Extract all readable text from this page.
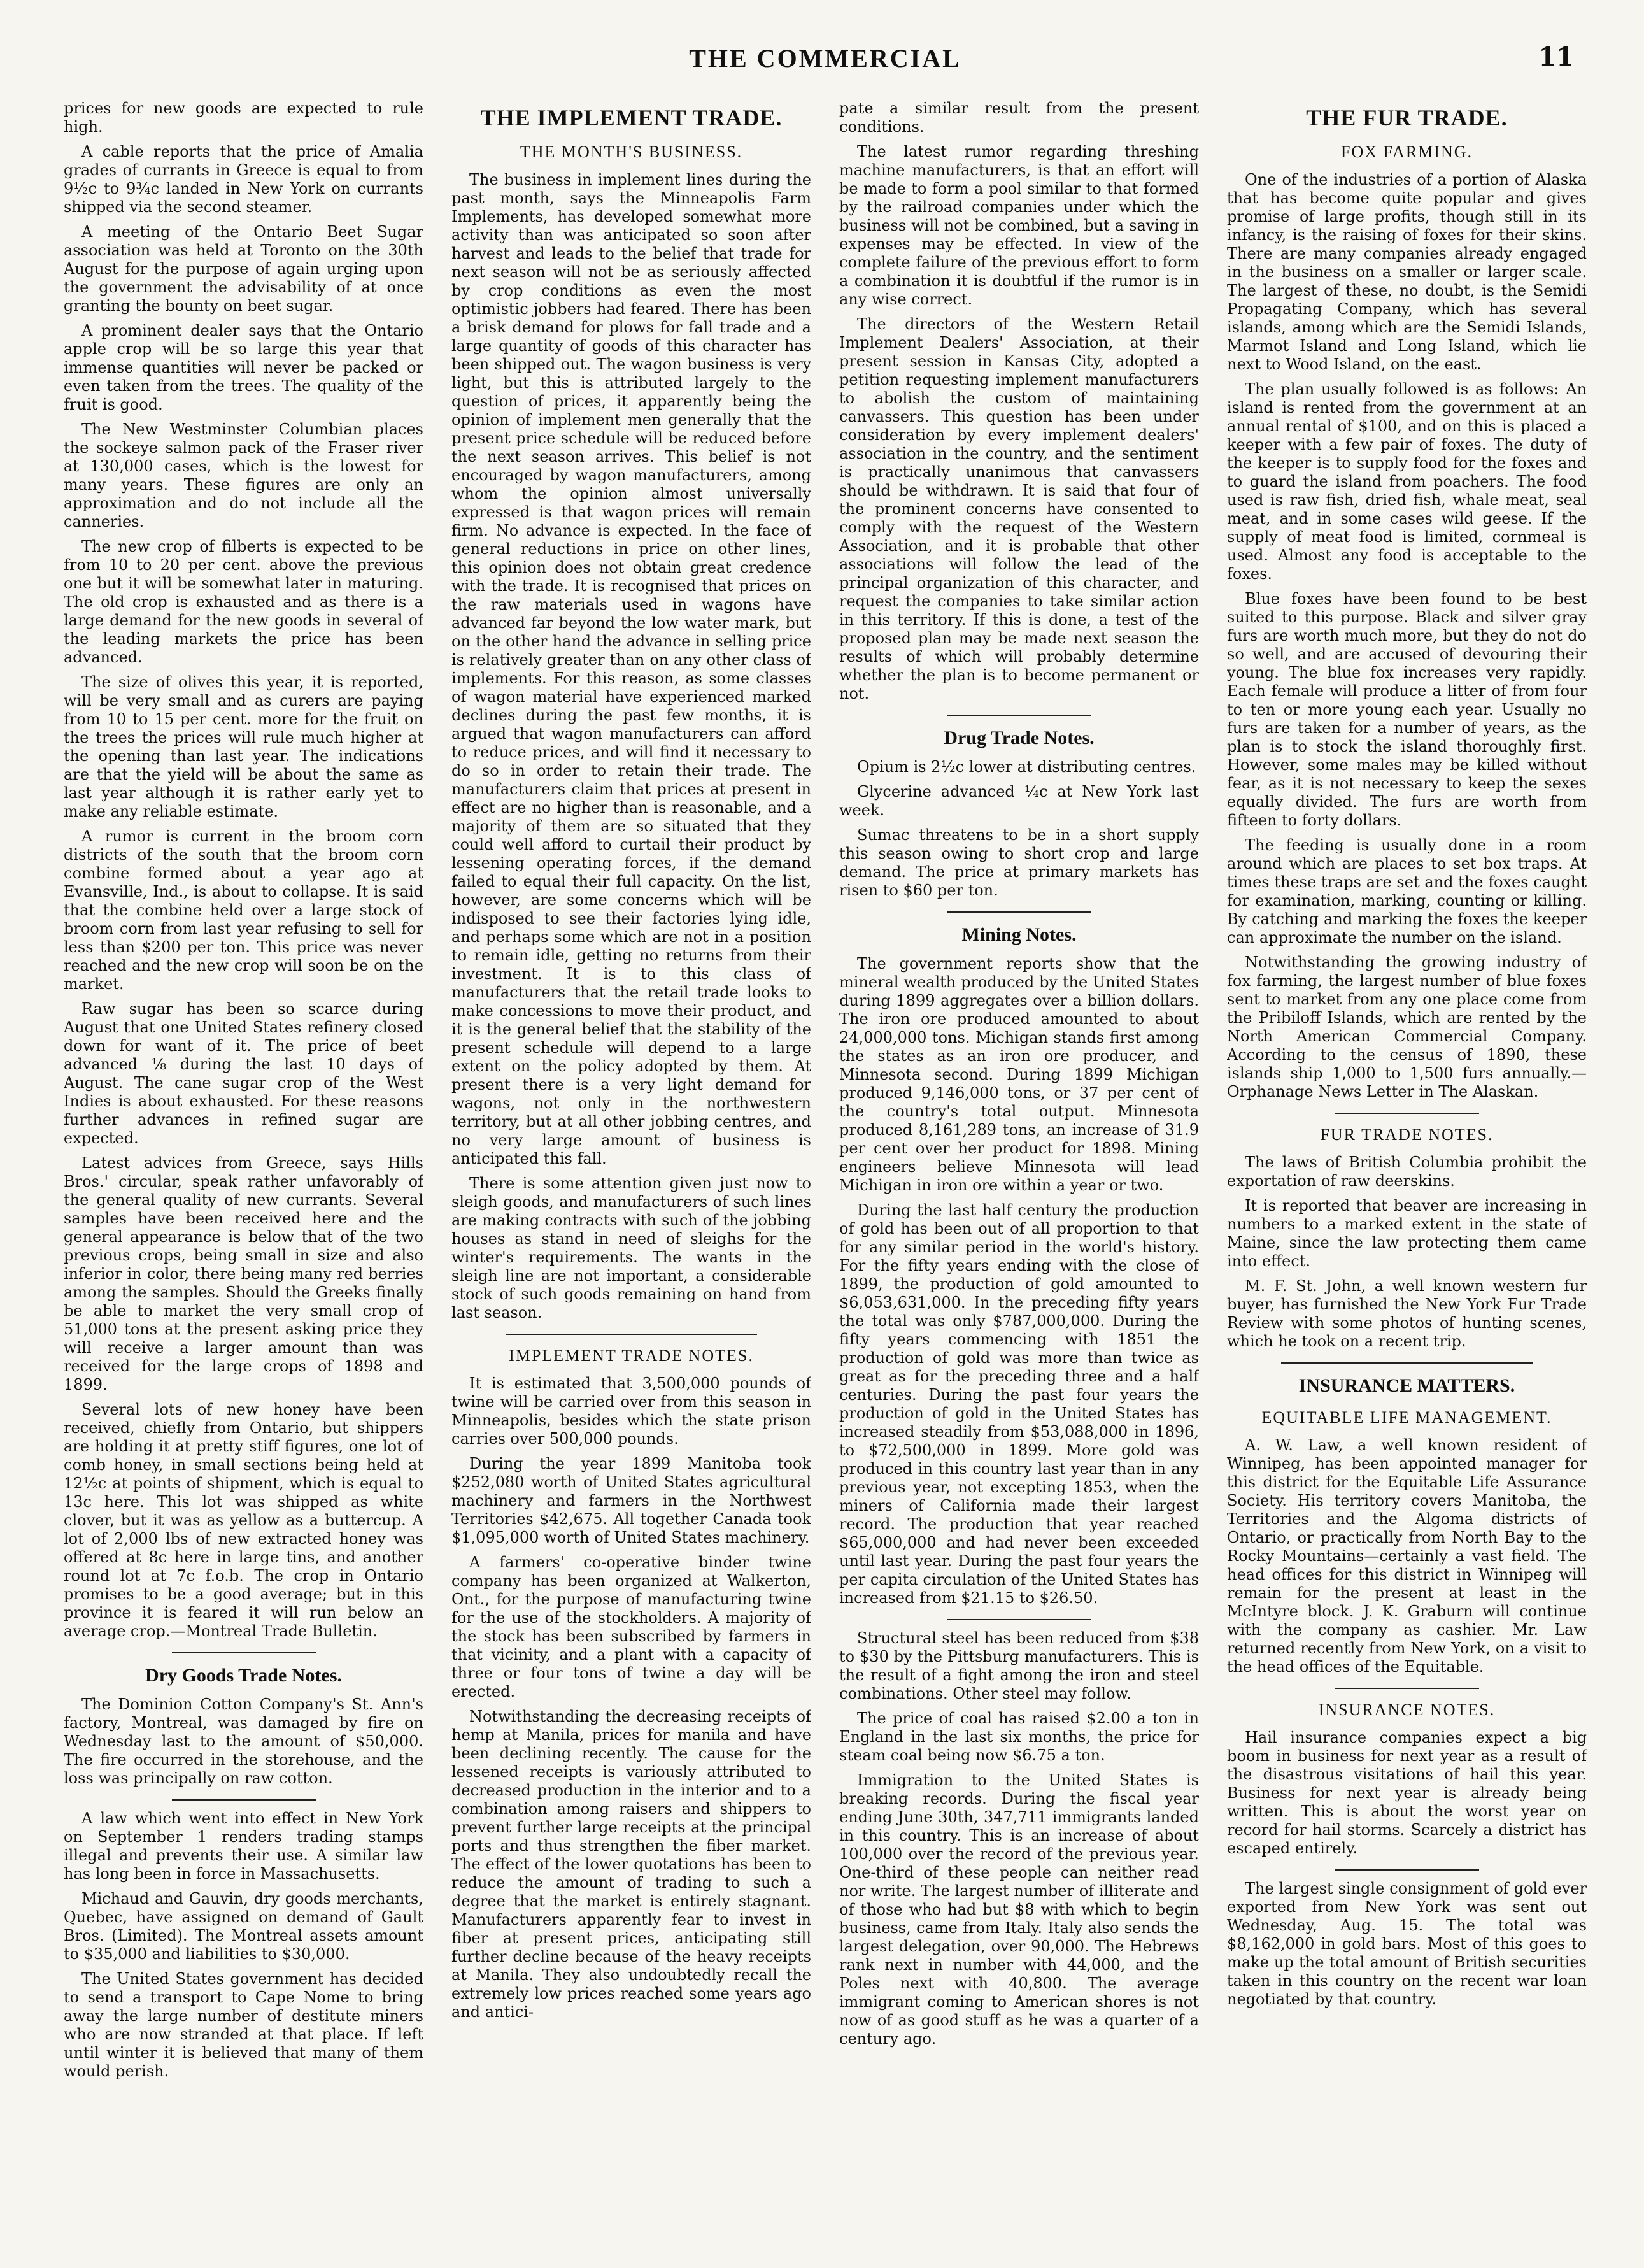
THE COMMERCIAL	11

prices for new goods are expected to rule high.

A cable reports that the price of Amalia grades of currants in Greece is equal to from 9½c to 9¾c landed in New York on currants shipped via the second steamer.

A meeting of the Ontario Beet Sugar association was held at Toronto on the 30th August for the purpose of again urging upon the government the advisability of at once granting the bounty on beet sugar.

A prominent dealer says that the Ontario apple crop will be so large this year that immense quantities will never be packed or even taken from the trees. The quality of the fruit is good.

The New Westminster Columbian places the sockeye salmon pack of the Fraser river at 130,000 cases, which is the lowest for many years. These figures are only an approximation and do not include all the canneries.

The new crop of filberts is expected to be from 10 to 20 per cent. above the previous one but it will be somewhat later in maturing. The old crop is exhausted and as there is a large demand for the new goods in several of the leading markets the price has been advanced.

The size of olives this year, it is reported, will be very small and as curers are paying from 10 to 15 per cent. more for the fruit on the trees the prices will rule much higher at the opening than last year. The indications are that the yield will be about the same as last year although it is rather early yet to make any reliable estimate.

A rumor is current in the broom corn districts of the south that the broom corn combine formed about a year ago at Evansville, Ind., is about to collapse. It is said that the combine held over a large stock of broom corn from last year refusing to sell for less than $200 per ton. This price was never reached and the new crop will soon be on the market.

Raw sugar has been so scarce during August that one United States refinery closed down for want of it. The price of beet advanced ⅛ during the last 10 days of August. The cane sugar crop of the West Indies is about exhausted. For these reasons further advances in refined sugar are expected.

Latest advices from Greece, says Hills Bros.' circular, speak rather unfavorably of the general quality of new currants. Several samples have been received here and the general appearance is below that of the two previous crops, being small in size and also inferior in color, there being many red berries among the samples. Should the Greeks finally be able to market the very small crop of 51,000 tons at the present asking price they will receive a larger amount than was received for the large crops of 1898 and 1899.

Several lots of new honey have been received, chiefly from Ontario, but shippers are holding it at pretty stiff figures, one lot of comb honey, in small sections being held at 12½c at points of shipment, which is equal to 13c here. This lot was shipped as white clover, but it was as yellow as a buttercup. A lot of 2,000 lbs of new extracted honey was offered at 8c here in large tins, and another round lot at 7c f.o.b. The crop in Ontario promises to be a good average; but in this province it is feared it will run below an average crop.—Montreal Trade Bulletin.

Dry Goods Trade Notes.

The Dominion Cotton Company's St. Ann's factory, Montreal, was damaged by fire on Wednesday last to the amount of $50,000. The fire occurred in the storehouse, and the loss was principally on raw cotton.

A law which went into effect in New York on September 1 renders trading stamps illegal and prevents their use. A similar law has long been in force in Massachusetts.

Michaud and Gauvin, dry goods merchants, Quebec, have assigned on demand of Gault Bros. (Limited). The Montreal assets amount to $35,000 and liabilities to $30,000.

The United States government has decided to send a transport to Cape Nome to bring away the large number of destitute miners who are now stranded at that place. If left until winter it is believed that many of them would perish.

THE IMPLEMENT TRADE.
THE MONTH'S BUSINESS.

The business in implement lines during the past month, says the Minneapolis Farm Implements, has developed somewhat more activity than was anticipated so soon after harvest and leads to the belief that trade for next season will not be as seriously affected by crop conditions as even the most optimistic jobbers had feared. There has been a brisk demand for plows for fall trade and a large quantity of goods of this character has been shipped out. The wagon business is very light, but this is attributed largely to the question of prices, it apparently being the opinion of implement men generally that the present price schedule will be reduced before the next season arrives. This belief is not encouraged by wagon manufacturers, among whom the opinion almost universally expressed is that wagon prices will remain firm. No advance is expected. In the face of general reductions in price on other lines, this opinion does not obtain great credence with the trade. It is recognised that prices on the raw materials used in wagons have advanced far beyond the low water mark, but on the other hand the advance in selling price is relatively greater than on any other class of implements. For this reason, as some classes of wagon material have experienced marked declines during the past few months, it is argued that wagon manufacturers can afford to reduce prices, and will find it necessary to do so in order to retain their trade. The manufacturers claim that prices at present in effect are no higher than is reasonable, and a majority of them are so situated that they could well afford to curtail their product by lessening operating forces, if the demand failed to equal their full capacity. On the list, however, are some concerns which will be indisposed to see their factories lying idle, and perhaps some which are not in a position to remain idle, getting no returns from their investment. It is to this class of manufacturers that the retail trade looks to make concessions to move their product, and it is the general belief that the stability of the present schedule will depend to a large extent on the policy adopted by them. At present there is a very light demand for wagons, not only in the northwestern territory, but at all other jobbing centres, and no very large amount of business is anticipated this fall.

There is some attention given just now to sleigh goods, and manufacturers of such lines are making contracts with such of the jobbing houses as stand in need of sleighs for the winter's requirements. The wants in the sleigh line are not important, a considerable stock of such goods remaining on hand from last season.

IMPLEMENT TRADE NOTES.

It is estimated that 3,500,000 pounds of twine will be carried over from this season in Minneapolis, besides which the state prison carries over 500,000 pounds.

During the year 1899 Manitoba took $252,080 worth of United States agricultural machinery and farmers in the Northwest Territories $42,675. All together Canada took $1,095,000 worth of United States machinery.

A farmers' co-operative binder twine company has been organized at Walkerton, Ont., for the purpose of manufacturing twine for the use of the stockholders. A majority of the stock has been subscribed by farmers in that vicinity, and a plant with a capacity of three or four tons of twine a day will be erected.

Notwithstanding the decreasing receipts of hemp at Manila, prices for manila and have been declining recently. The cause for the lessened receipts is variously attributed to decreased production in the interior and to a combination among raisers and shippers to prevent further large receipts at the principal ports and thus strengthen the fiber market. The effect of the lower quotations has been to reduce the amount of trading to such a degree that the market is entirely stagnant. Manufacturers apparently fear to invest in fiber at present prices, anticipating still further decline because of the heavy receipts at Manila. They also undoubtedly recall the extremely low prices reached some years ago and antici-

pate a similar result from the present conditions.

The latest rumor regarding threshing machine manufacturers, is that an effort will be made to form a pool similar to that formed by the railroad companies under which the business will not be combined, but a saving in expenses may be effected. In view of the complete failure of the previous effort to form a combination it is doubtful if the rumor is in any wise correct.

The directors of the Western Retail Implement Dealers' Association, at their present session in Kansas City, adopted a petition requesting implement manufacturers to abolish the custom of maintaining canvassers. This question has been under consideration by every implement dealers' association in the country, and the sentiment is practically unanimous that canvassers should be withdrawn. It is said that four of the prominent concerns have consented to comply with the request of the Western Association, and it is probable that other associations will follow the lead of the principal organization of this character, and request the companies to take similar action in this territory. If this is done, a test of the proposed plan may be made next season the results of which will probably determine whether the plan is to become permanent or not.

Drug Trade Notes.

Opium is 2½c lower at distributing centres.

Glycerine advanced ¼c at New York last week.

Sumac threatens to be in a short supply this season owing to short crop and large demand. The price at primary markets has risen to $60 per ton.

Mining Notes.

The government reports show that the mineral wealth produced by the United States during 1899 aggregates over a billion dollars. The iron ore produced amounted to about 24,000,000 tons. Michigan stands first among the states as an iron ore producer, and Minnesota second. During 1899 Michigan produced 9,146,000 tons, or 37 per cent of the country's total output. Minnesota produced 8,161,289 tons, an increase of 31.9 per cent over her product for 1898. Mining engineers believe Minnesota will lead Michigan in iron ore within a year or two.

During the last half century the production of gold has been out of all proportion to that for any similar period in the world's history. For the fifty years ending with the close of 1899, the production of gold amounted to $6,053,631,000. In the preceding fifty years the total was only $787,000,000. During the fifty years commencing with 1851 the production of gold was more than twice as great as for the preceding three and a half centuries. During the past four years the production of gold in the United States has increased steadily from $53,088,000 in 1896, to $72,500,000 in 1899. More gold was produced in this country last year than in any previous year, not excepting 1853, when the miners of California made their largest record. The production that year reached $65,000,000 and had never been exceeded until last year. During the past four years the per capita circulation of the United States has increased from $21.15 to $26.50.

Structural steel has been reduced from $38 to $30 by the Pittsburg manufacturers. This is the result of a fight among the iron and steel combinations. Other steel may follow.

The price of coal has raised $2.00 a ton in England in the last six months, the price for steam coal being now $6.75 a ton.

Immigration to the United States is breaking records. During the fiscal year ending June 30th, 347,711 immigrants landed in this country. This is an increase of about 100,000 over the record of the previous year. One-third of these people can neither read nor write. The largest number of illiterate and of those who had but $8 with which to begin business, came from Italy. Italy also sends the largest delegation, over 90,000. The Hebrews rank next in number with 44,000, and the Poles next with 40,800. The average immigrant coming to American shores is not now of as good stuff as he was a quarter of a century ago.

THE FUR TRADE.
FOX FARMING.

One of the industries of a portion of Alaska that has become quite popular and gives promise of large profits, though still in its infancy, is the raising of foxes for their skins. There are many companies already engaged in the business on a smaller or larger scale. The largest of these, no doubt, is the Semidi Propagating Company, which has several islands, among which are the Semidi Islands, Marmot Island and Long Island, which lie next to Wood Island, on the east.

The plan usually followed is as follows: An island is rented from the government at an annual rental of $100, and on this is placed a keeper with a few pair of foxes. The duty of the keeper is to supply food for the foxes and to guard the island from poachers. The food used is raw fish, dried fish, whale meat, seal meat, and in some cases wild geese. If the supply of meat food is limited, cornmeal is used. Almost any food is acceptable to the foxes.

Blue foxes have been found to be best suited to this purpose. Black and silver gray furs are worth much more, but they do not do so well, and are accused of devouring their young. The blue fox increases very rapidly. Each female will produce a litter of from four to ten or more young each year. Usually no furs are taken for a number of years, as the plan is to stock the island thoroughly first. However, some males may be killed without fear, as it is not necessary to keep the sexes equally divided. The furs are worth from fifteen to forty dollars.

The feeding is usually done in a room around which are places to set box traps. At times these traps are set and the foxes caught for examination, marking, counting or killing. By catching and marking the foxes the keeper can approximate the number on the island.

Notwithstanding the growing industry of fox farming, the largest number of blue foxes sent to market from any one place come from the Pribiloff Islands, which are rented by the North American Commercial Company. According to the census of 1890, these islands ship 1,000 to 1,500 furs annually.—Orphanage News Letter in The Alaskan.

FUR TRADE NOTES.

The laws of British Columbia prohibit the exportation of raw deerskins.

It is reported that beaver are increasing in numbers to a marked extent in the state of Maine, since the law protecting them came into effect.

M. F. St. John, a well known western fur buyer, has furnished the New York Fur Trade Review with some photos of hunting scenes, which he took on a recent trip.

INSURANCE MATTERS.
EQUITABLE LIFE MANAGEMENT.

A. W. Law, a well known resident of Winnipeg, has been appointed manager for this district for the Equitable Life Assurance Society. His territory covers Manitoba, the Territories and the Algoma districts of Ontario, or practically from North Bay to the Rocky Mountains—certainly a vast field. The head offices for this district in Winnipeg will remain for the present at least in the McIntyre block. J. K. Graburn will continue with the company as cashier. Mr. Law returned recently from New York, on a visit to the head offices of the Equitable.

INSURANCE NOTES.

Hail insurance companies expect a big boom in business for next year as a result of the disastrous visitations of hail this year. Business for next year is already being written. This is about the worst year on record for hail storms. Scarcely a district has escaped entirely.

The largest single consignment of gold ever exported from New York was sent out Wednesday, Aug. 15. The total was $8,162,000 in gold bars. Most of this goes to make up the total amount of British securities taken in this country on the recent war loan negotiated by that country.
